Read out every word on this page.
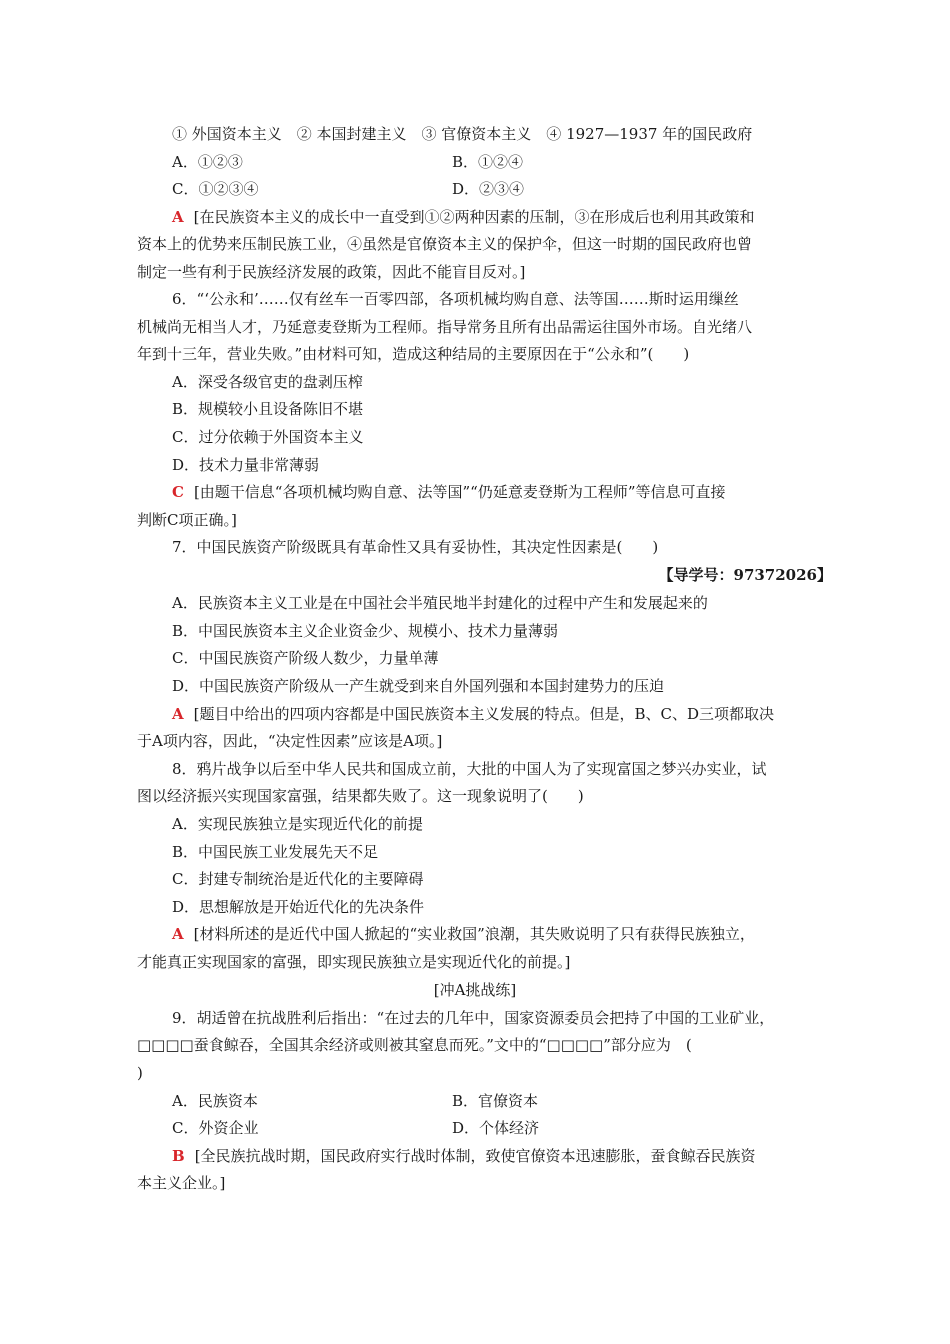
① 外国资本主义　② 本国封建主义　③ 官僚资本主义　④ 1927—1937 年的国民政府
A．①②③	B．①②④
C．①②③④	D．②③④
A [在民族资本主义的成长中一直受到①②两种因素的压制，③在形成后也利用其政策和
资本上的优势来压制民族工业，④虽然是官僚资本主义的保护伞，但这一时期的国民政府也曾
制定一些有利于民族经济发展的政策，因此不能盲目反对。]
6．“‘公永和’……仅有丝车一百零四部，各项机械均购自意、法等国……斯时运用缫丝
机械尚无相当人才，乃延意麦登斯为工程师。指导常务且所有出品需运往国外市场。自光绪八
年到十三年，营业失败。”由材料可知，造成这种结局的主要原因在于“公永和”(　　)
A．深受各级官吏的盘剥压榨
B．规模较小且设备陈旧不堪
C．过分依赖于外国资本主义
D．技术力量非常薄弱
C [由题干信息“各项机械均购自意、法等国”“仍延意麦登斯为工程师”等信息可直接
判断C项正确。]
7．中国民族资产阶级既具有革命性又具有妥协性，其决定性因素是(　　)
【导学号：97372026】
A．民族资本主义工业是在中国社会半殖民地半封建化的过程中产生和发展起来的
B．中国民族资本主义企业资金少、规模小、技术力量薄弱
C．中国民族资产阶级人数少，力量单薄
D．中国民族资产阶级从一产生就受到来自外国列强和本国封建势力的压迫
A [题目中给出的四项内容都是中国民族资本主义发展的特点。但是，B、C、D三项都取决
于A项内容，因此，“决定性因素”应该是A项。]
8．鸦片战争以后至中华人民共和国成立前，大批的中国人为了实现富国之梦兴办实业，试
图以经济振兴实现国家富强，结果都失败了。这一现象说明了(　　)
A．实现民族独立是实现近代化的前提
B．中国民族工业发展先天不足
C．封建专制统治是近代化的主要障碍
D．思想解放是开始近代化的先决条件
A [材料所述的是近代中国人掀起的“实业救国”浪潮，其失败说明了只有获得民族独立，
才能真正实现国家的富强，即实现民族独立是实现近代化的前提。]
[冲A挑战练]
9．胡适曾在抗战胜利后指出：“在过去的几年中，国家资源委员会把持了中国的工业矿业，
□□□□蚕食鲸吞，全国其余经济或则被其窒息而死。”文中的“□□□□”部分应为　(
)
A．民族资本	B．官僚资本
C．外资企业	D．个体经济
B [全民族抗战时期，国民政府实行战时体制，致使官僚资本迅速膨胀，蚕食鲸吞民族资
本主义企业。]
